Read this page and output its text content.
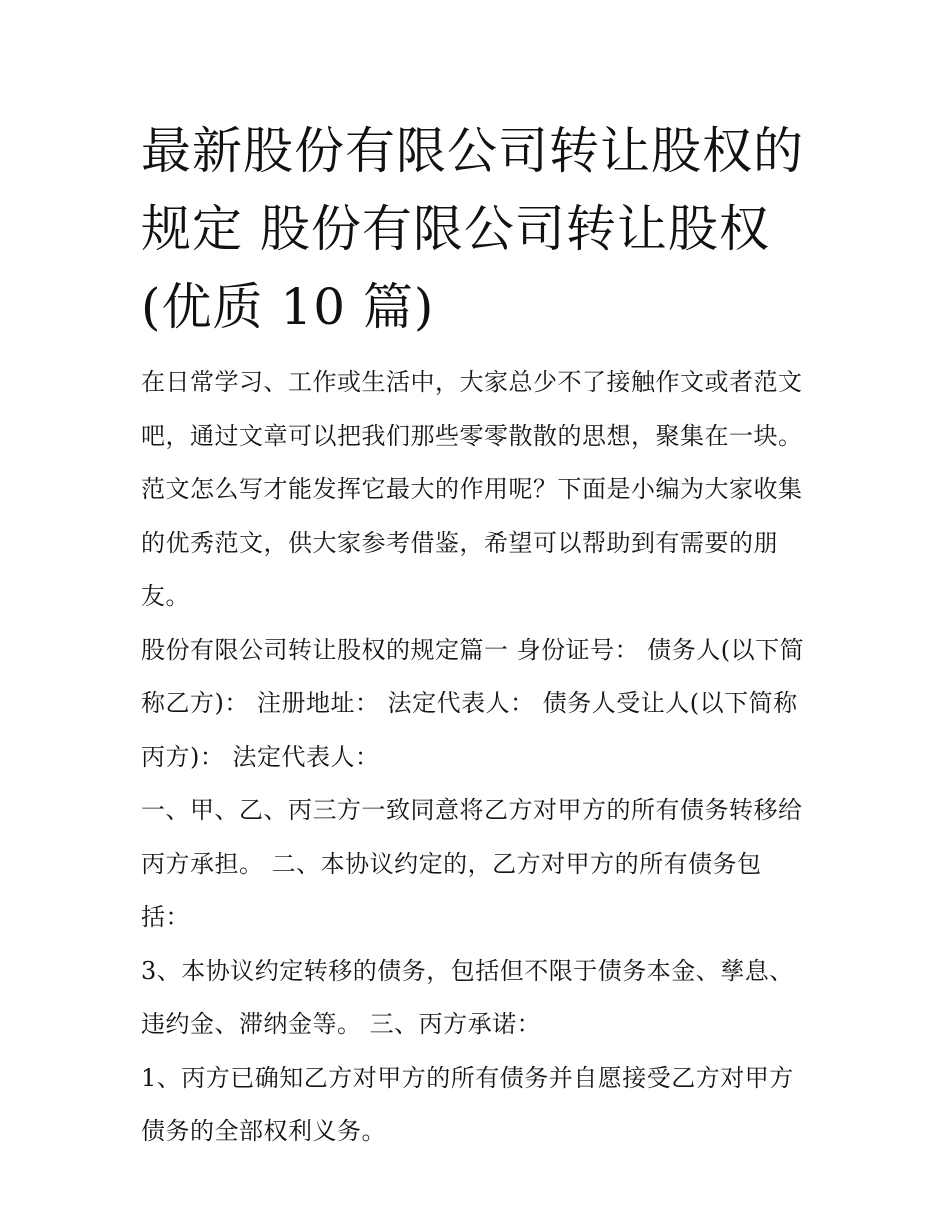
最新股份有限公司转让股权的
规定 股份有限公司转让股权
(优质 10 篇)
在日常学习、工作或生活中，大家总少不了接触作文或者范文
吧，通过文章可以把我们那些零零散散的思想，聚集在一块。
范文怎么写才能发挥它最大的作用呢？下面是小编为大家收集
的优秀范文，供大家参考借鉴，希望可以帮助到有需要的朋
友。
股份有限公司转让股权的规定篇一 身份证号： 债务人(以下简
称乙方)： 注册地址： 法定代表人： 债务人受让人(以下简称
丙方)： 法定代表人：
一、甲、乙、丙三方一致同意将乙方对甲方的所有债务转移给
丙方承担。 二、本协议约定的，乙方对甲方的所有债务包
括：
3、本协议约定转移的债务，包括但不限于债务本金、孳息、
违约金、滞纳金等。 三、丙方承诺：
1、丙方已确知乙方对甲方的所有债务并自愿接受乙方对甲方
债务的全部权利义务。
